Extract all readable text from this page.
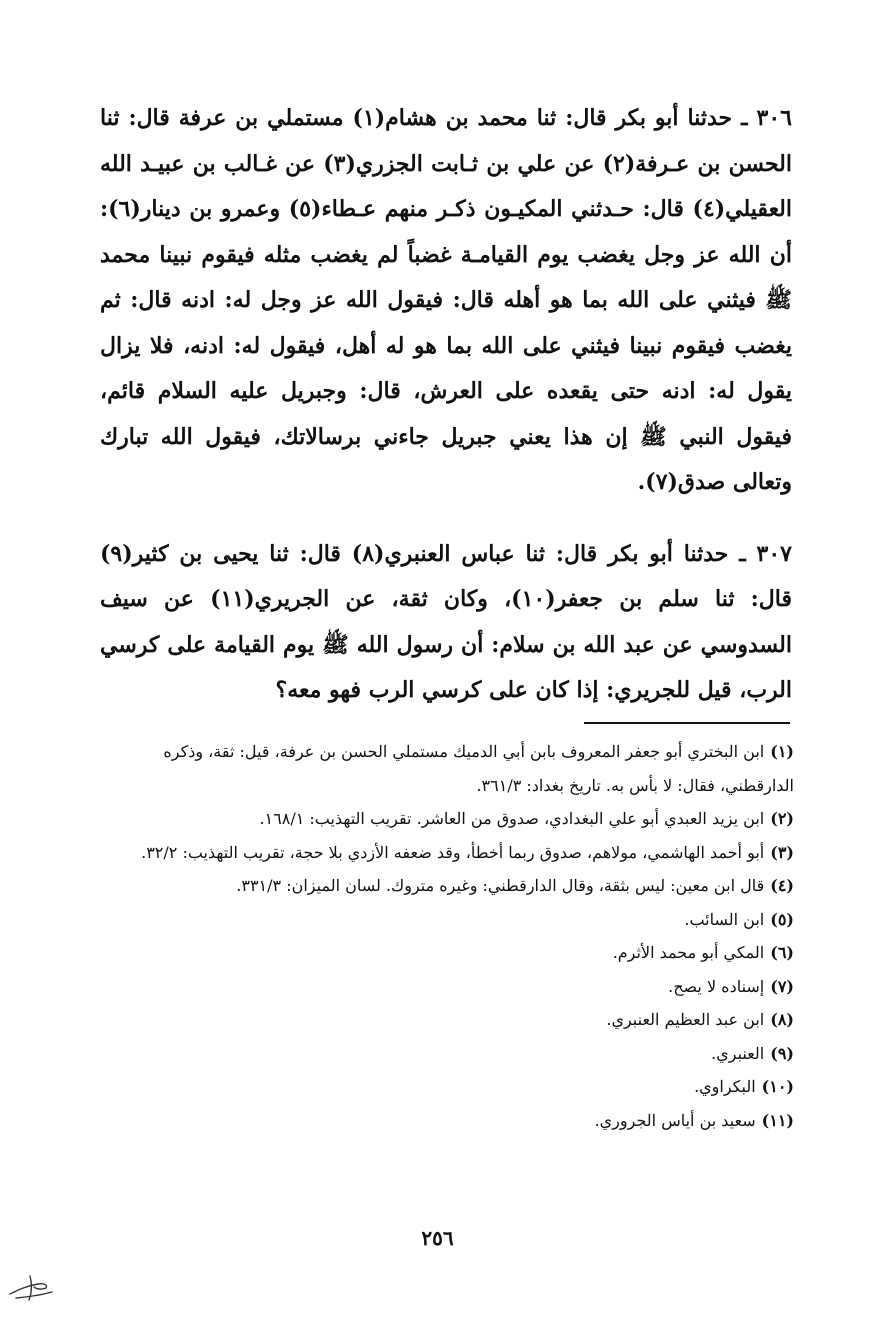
٣٠٦ ـ حدثنا أبو بكر قال: ثنا محمد بن هشام(١) مستملي بن عرفة قال: ثنا الحسن بن عـرفة(٢) عن علي بن ثـابت الجزري(٣) عن غـالب بن عبيـد الله العقيلي(٤) قال: حـدثني المكيـون ذكـر منهم عـطاء(٥) وعمرو بن دينار(٦): أن الله عز وجل يغضب يوم القيامـة غضباً لم يغضب مثله فيقوم نبينا محمد ﷺ فيثني على الله بما هو أهله قال: فيقول الله عز وجل له: ادنه قال: ثم يغضب فيقوم نبينا فيثني على الله بما هو له أهل، فيقول له: ادنه، فلا يزال يقول له: ادنه حتى يقعده على العرش، قال: وجبريل عليه السلام قائم، فيقول النبي ﷺ إن هذا يعني جبريل جاءني برسالاتك، فيقول الله تبارك وتعالى صدق(٧).

٣٠٧ ـ حدثنا أبو بكر قال: ثنا عباس العنبري(٨) قال: ثنا يحيى بن كثير(٩) قال: ثنا سلم بن جعفر(١٠)، وكان ثقة، عن الجريري(١١) عن سيف السدوسي عن عبد الله بن سلام: أن رسول الله ﷺ يوم القيامة على كرسي الرب، قيل للجريري: إذا كان على كرسي الرب فهو معه؟

(١)ابن البختري أبو جعفر المعروف بابن أبي الدميك مستملي الحسن بن عرفة، قيل: ثقة، وذكره الدارقطني، فقال: لا بأس به. تاريخ بغداد: ٣٦١/٣.
(٢)ابن يزيد العبدي أبو علي البغدادي، صدوق من العاشر. تقريب التهذيب: ١٦٨/١.
(٣)أبو أحمد الهاشمي، مولاهم، صدوق ربما أخطأ، وقد ضعفه الأزدي بلا حجة، تقريب التهذيب: ٣٢/٢.
(٤)قال ابن معين: ليس بثقة، وقال الدارقطني: وغيره متروك. لسان الميزان: ٣٣١/٣.
(٥)ابن السائب.
(٦)المكي أبو محمد الأثرم.
(٧)إسناده لا يصح.
(٨)ابن عبد العظيم العنبري.
(٩)العنبري.
(١٠)البكراوي.
(١١)سعيد بن أياس الجروري.
٢٥٦
